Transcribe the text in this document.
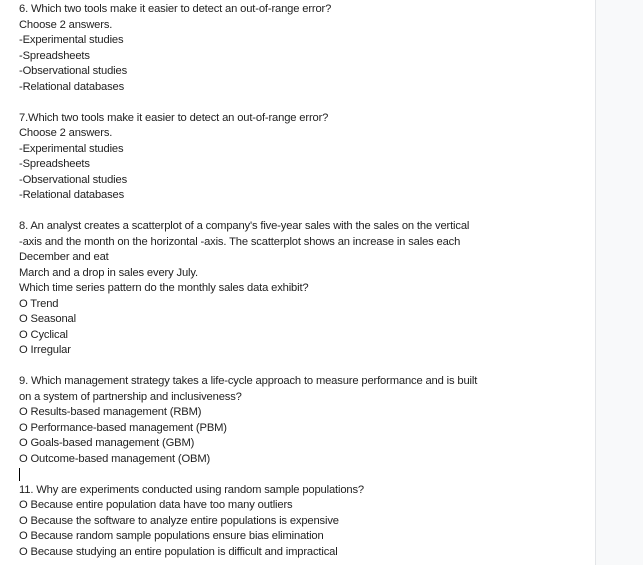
6. Which two tools make it easier to detect an out-of-range error?

Choose 2 answers.

-Experimental studies

-Spreadsheets

-Observational studies

-Relational databases

7.Which two tools make it easier to detect an out-of-range error?

Choose 2 answers.

-Experimental studies

-Spreadsheets

-Observational studies

-Relational databases

8. An analyst creates a scatterplot of a company's five-year sales with the sales on the vertical

-axis and the month on the horizontal -axis. The scatterplot shows an increase in sales each

December and eat

March and a drop in sales every July.

Which time series pattern do the monthly sales data exhibit?

O Trend

O Seasonal

O Cyclical

O Irregular

9. Which management strategy takes a life-cycle approach to measure performance and is built

on a system of partnership and inclusiveness?

O Results-based management (RBM)

O Performance-based management (PBM)

O Goals-based management (GBM)

O Outcome-based management (OBM)

11. Why are experiments conducted using random sample populations?

O Because entire population data have too many outliers

O Because the software to analyze entire populations is expensive

O Because random sample populations ensure bias elimination

O Because studying an entire population is difficult and impractical
